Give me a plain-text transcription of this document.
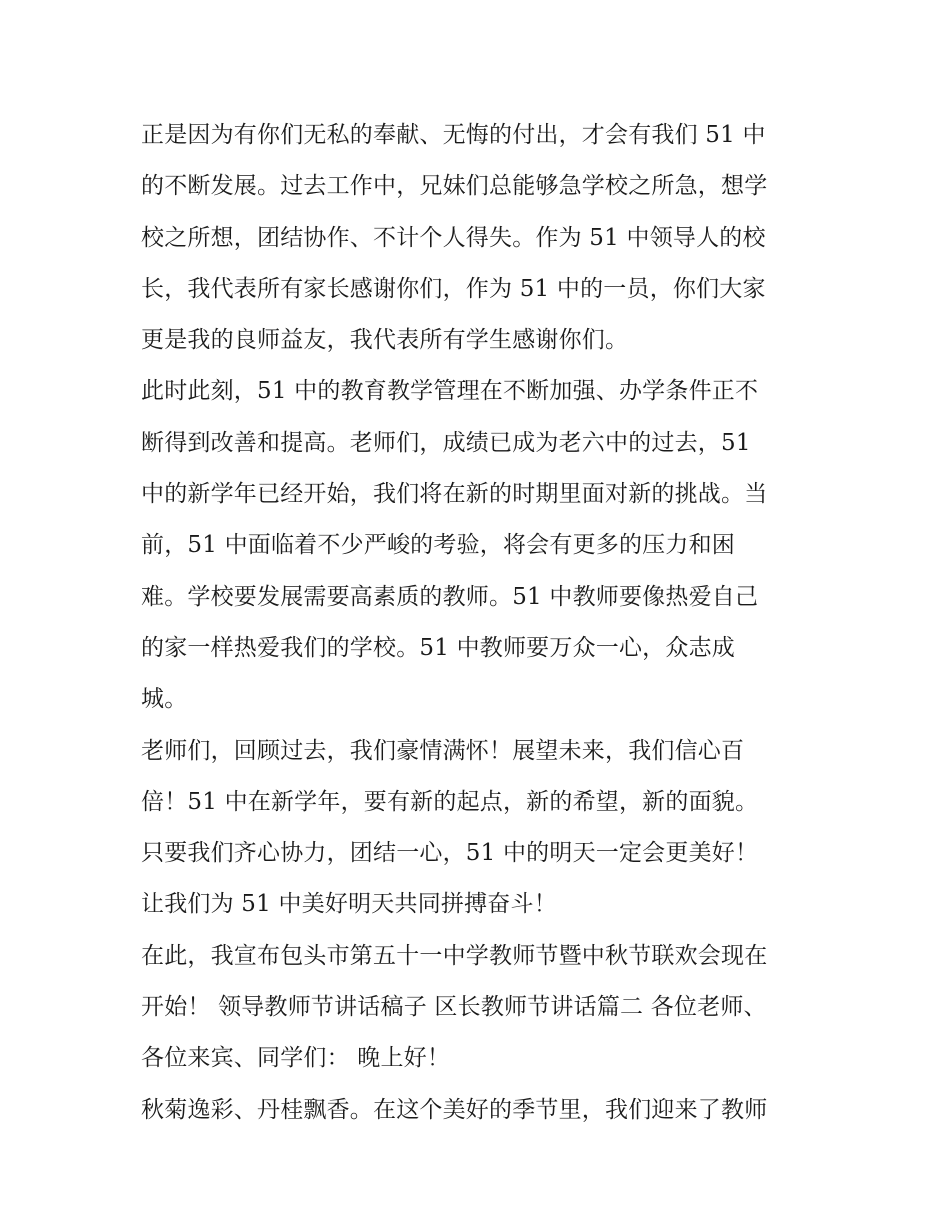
正是因为有你们无私的奉献、无悔的付出，才会有我们 51 中
的不断发展。过去工作中，兄妹们总能够急学校之所急，想学
校之所想，团结协作、不计个人得失。作为 51 中领导人的校
长，我代表所有家长感谢你们，作为 51 中的一员，你们大家
更是我的良师益友，我代表所有学生感谢你们。
此时此刻，51 中的教育教学管理在不断加强、办学条件正不
断得到改善和提高。老师们，成绩已成为老六中的过去，51
中的新学年已经开始，我们将在新的时期里面对新的挑战。当
前，51 中面临着不少严峻的考验，将会有更多的压力和困
难。学校要发展需要高素质的教师。51 中教师要像热爱自己
的家一样热爱我们的学校。51 中教师要万众一心，众志成
城。
老师们，回顾过去，我们豪情满怀！展望未来，我们信心百
倍！51 中在新学年，要有新的起点，新的希望，新的面貌。
只要我们齐心协力，团结一心，51 中的明天一定会更美好！
让我们为 51 中美好明天共同拼搏奋斗！
在此，我宣布包头市第五十一中学教师节暨中秋节联欢会现在
开始！ 领导教师节讲话稿子 区长教师节讲话篇二 各位老师、
各位来宾、同学们： 晚上好！
秋菊逸彩、丹桂飘香。在这个美好的季节里，我们迎来了教师
